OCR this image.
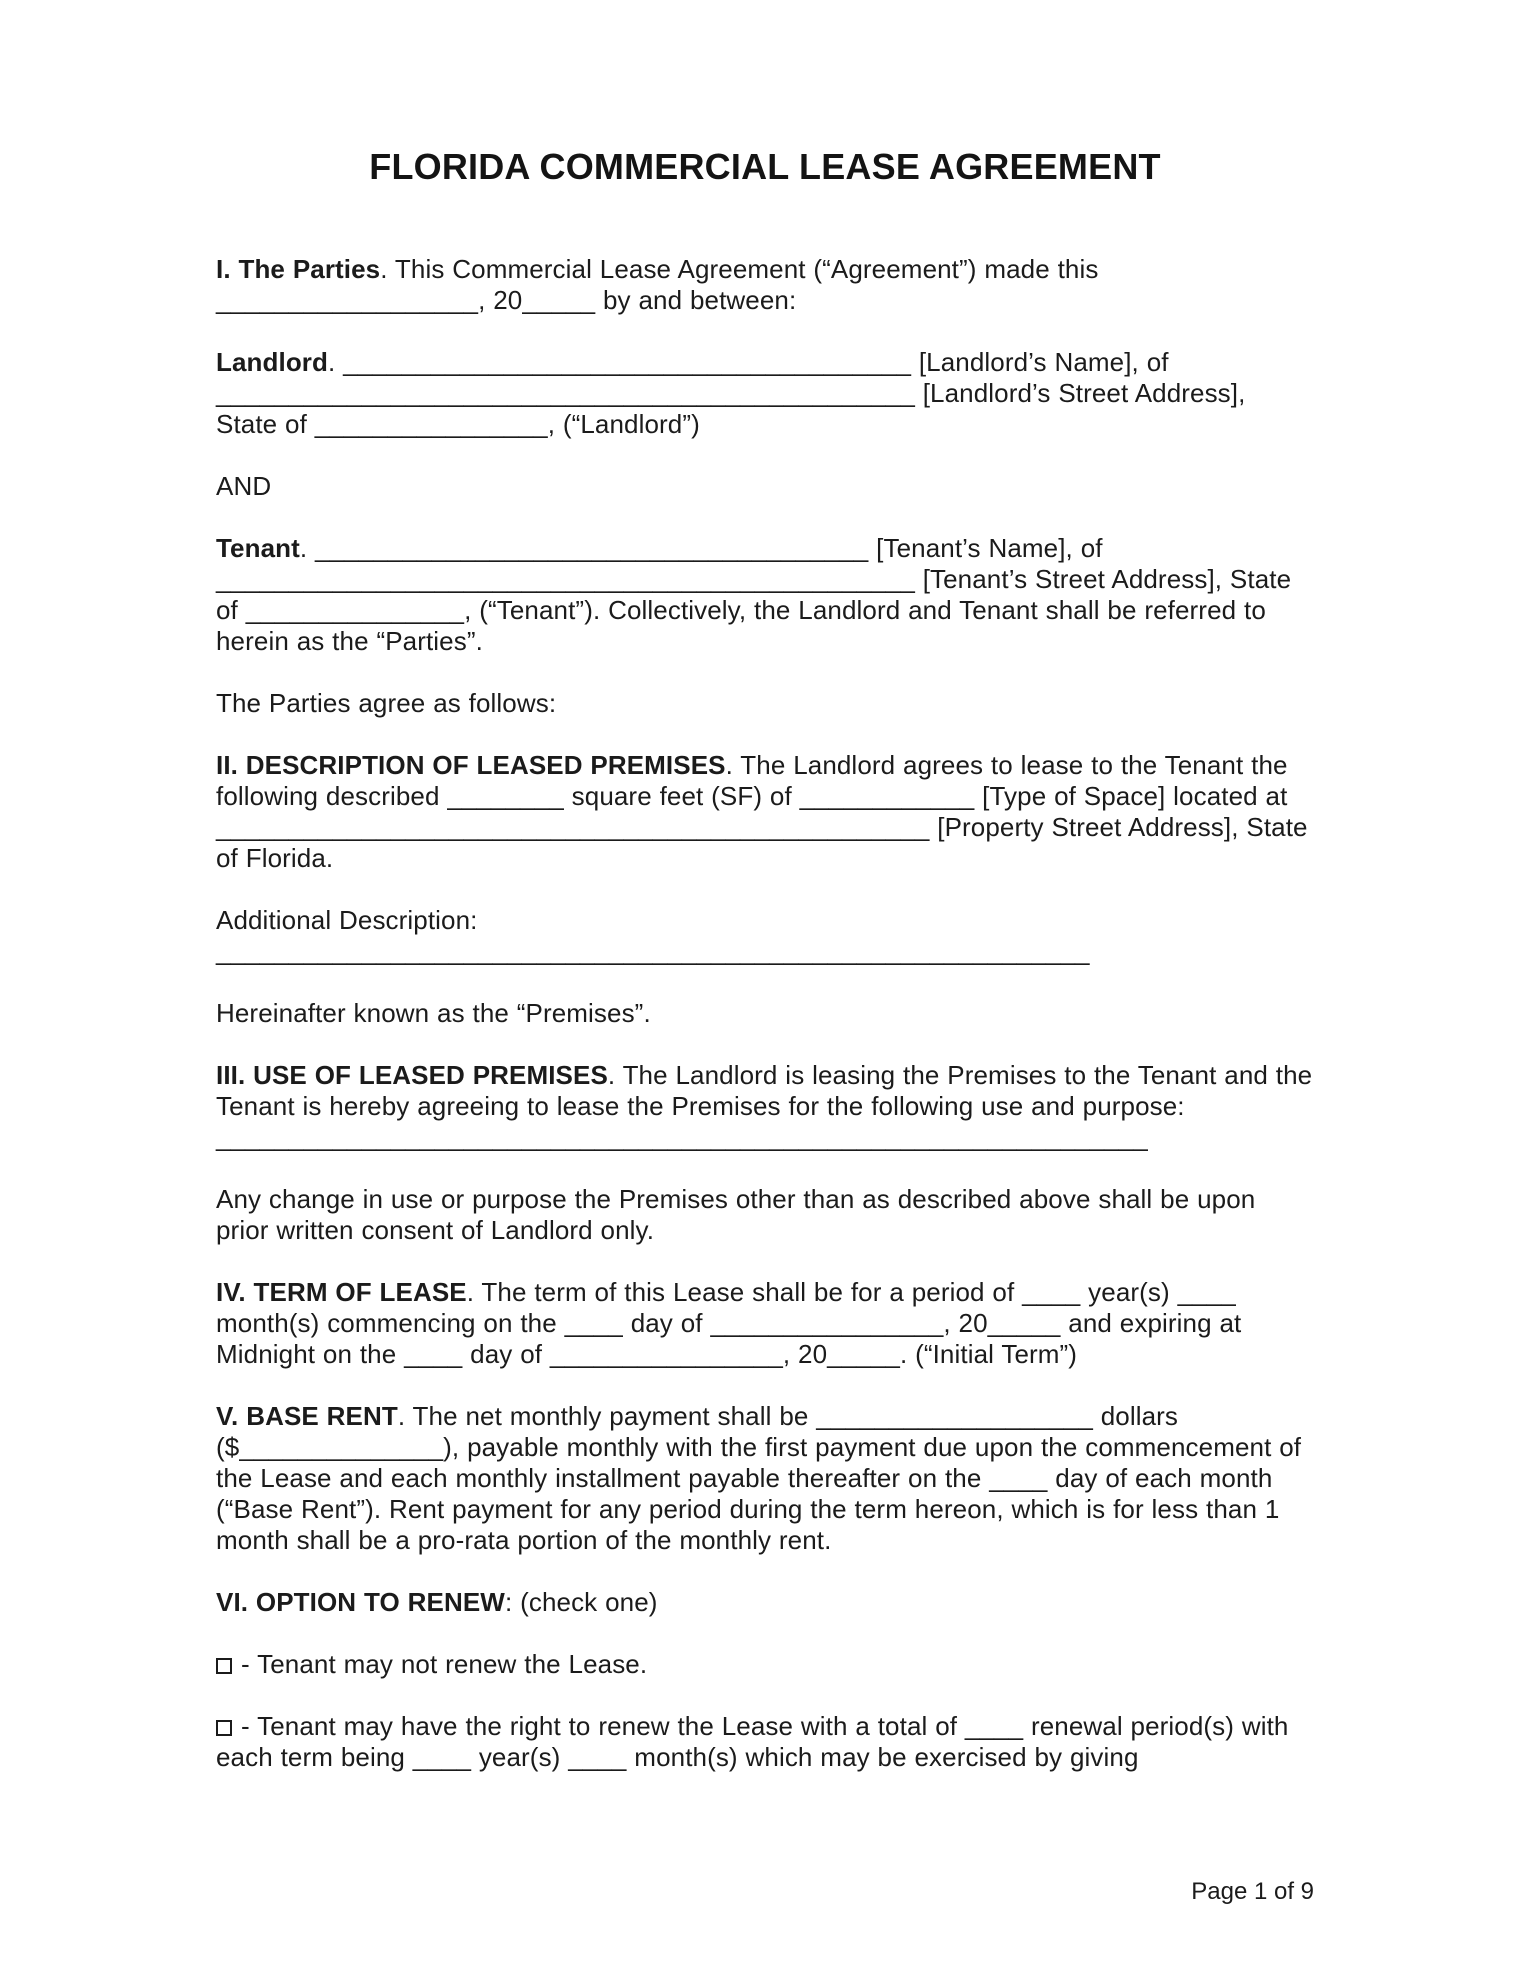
FLORIDA COMMERCIAL LEASE AGREEMENT

I. The Parties. This Commercial Lease Agreement (“Agreement”) made this __________________, 20_____ by and between:

Landlord. _______________________________________ [Landlord’s Name], of ________________________________________________ [Landlord’s Street Address], State of ________________, (“Landlord”)

AND

Tenant. ______________________________________ [Tenant’s Name], of ________________________________________________ [Tenant’s Street Address], State of _______________, (“Tenant”). Collectively, the Landlord and Tenant shall be referred to herein as the “Parties”.

The Parties agree as follows:

II. DESCRIPTION OF LEASED PREMISES. The Landlord agrees to lease to the Tenant the following described ________ square feet (SF) of ____________ [Type of Space] located at _________________________________________________ [Property Street Address], State of Florida.

Additional Description: ____________________________________________________________

Hereinafter known as the “Premises”.

III. USE OF LEASED PREMISES. The Landlord is leasing the Premises to the Tenant and the Tenant is hereby agreeing to lease the Premises for the following use and purpose: ________________________________________________________________

Any change in use or purpose the Premises other than as described above shall be upon prior written consent of Landlord only.

IV. TERM OF LEASE. The term of this Lease shall be for a period of ____ year(s) ____ month(s) commencing on the ____ day of ________________, 20_____ and expiring at Midnight on the ____ day of ________________, 20_____. (“Initial Term”)

V. BASE RENT. The net monthly payment shall be ___________________ dollars ($______________), payable monthly with the first payment due upon the commencement of the Lease and each monthly installment payable thereafter on the ____ day of each month (“Base Rent”). Rent payment for any period during the term hereon, which is for less than 1 month shall be a pro-rata portion of the monthly rent.

VI. OPTION TO RENEW: (check one)

- Tenant may not renew the Lease.

- Tenant may have the right to renew the Lease with a total of ____ renewal period(s) with each term being ____ year(s) ____ month(s) which may be exercised by giving

Page 1 of 9
